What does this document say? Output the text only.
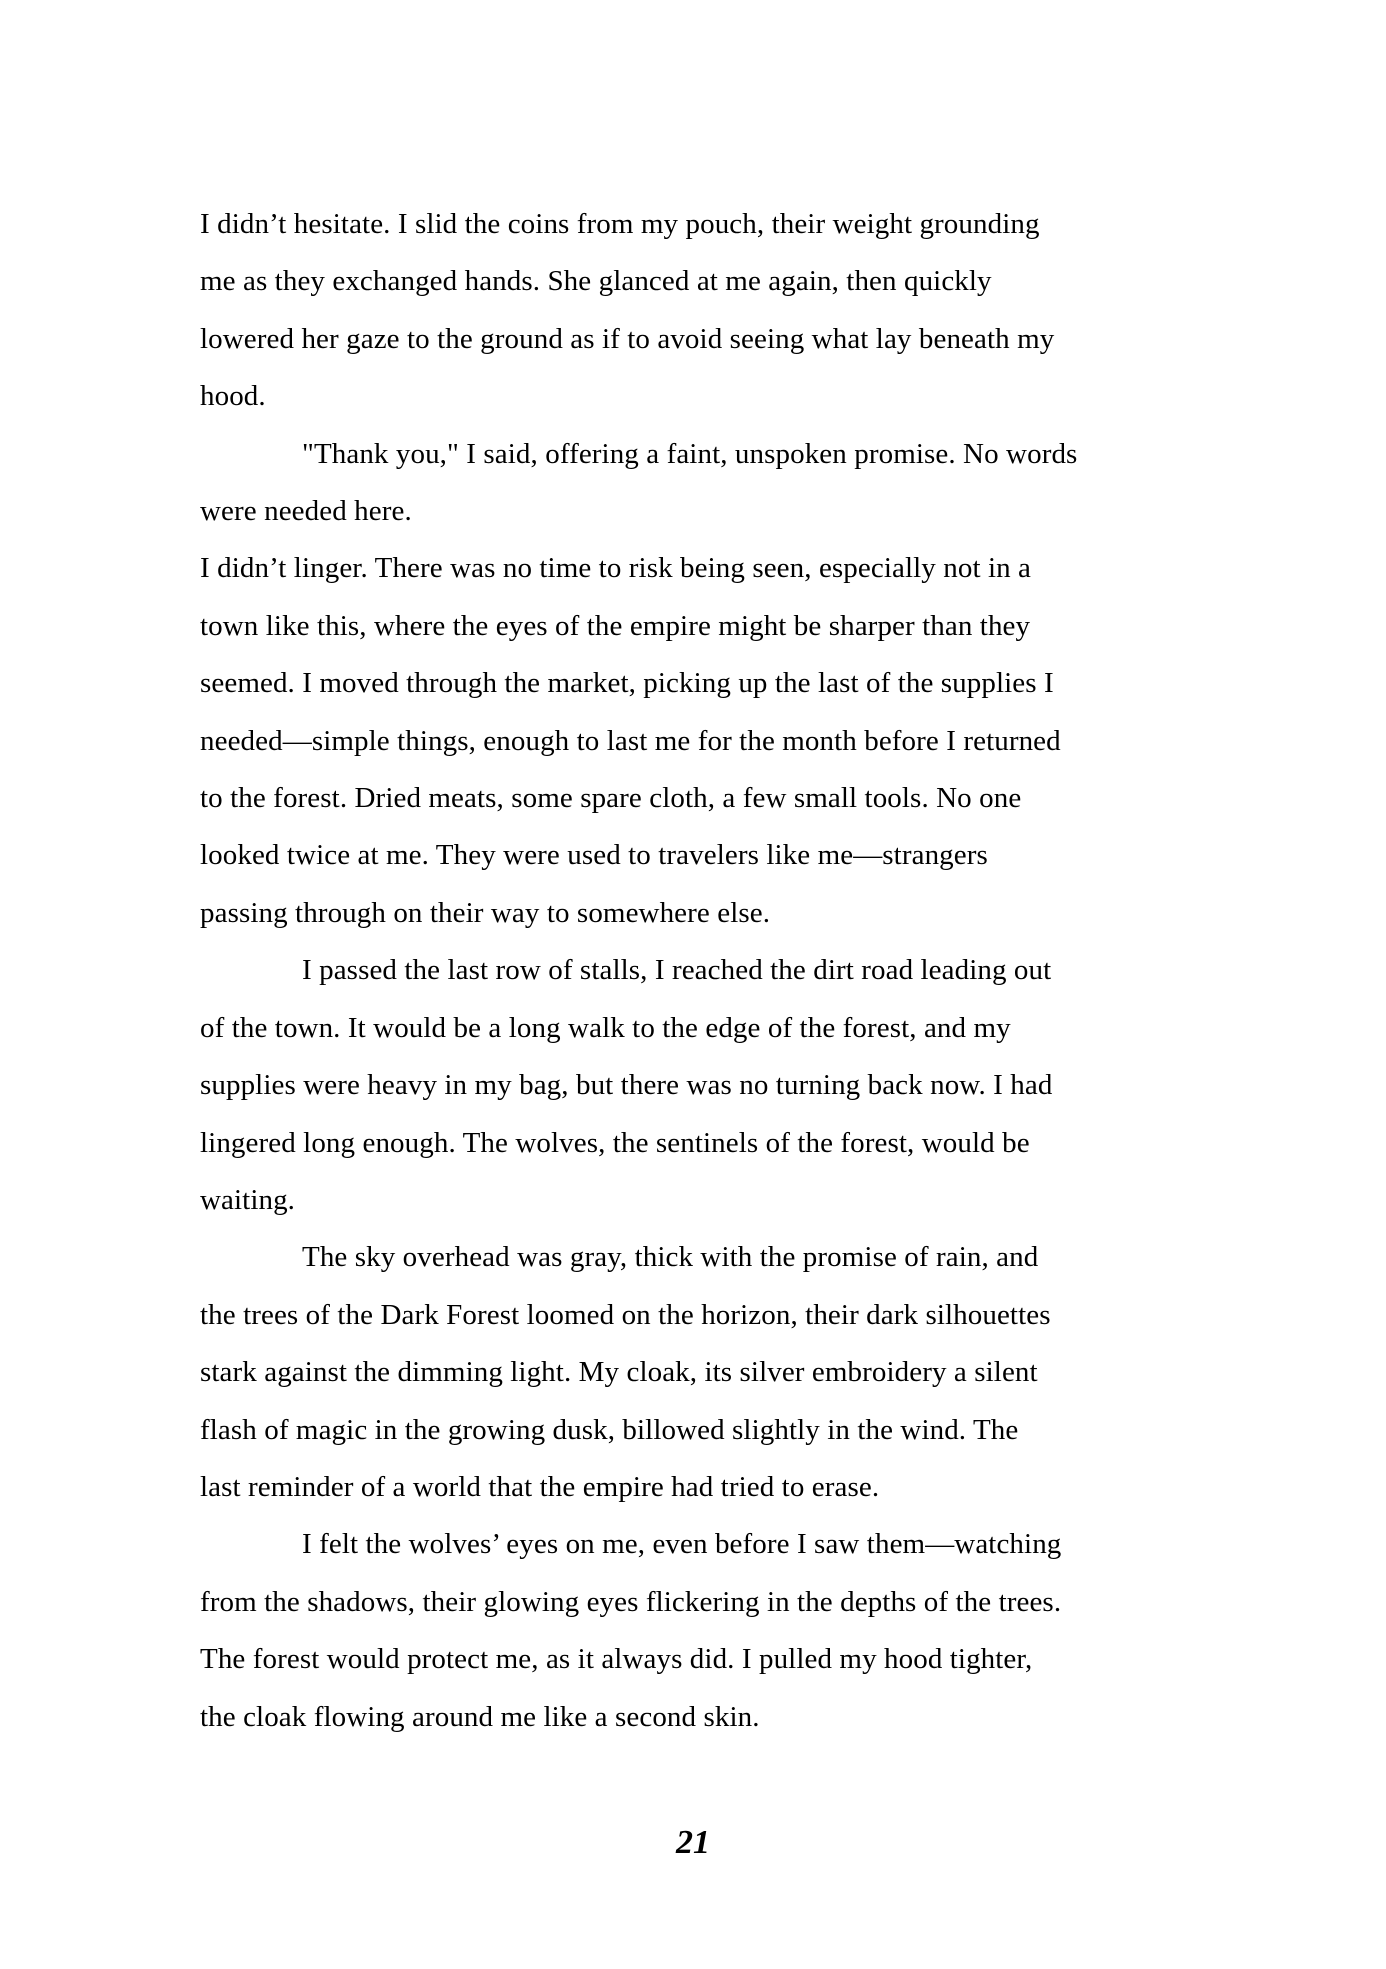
I didn’t hesitate. I slid the coins from my pouch, their weight grounding
me as they exchanged hands. She glanced at me again, then quickly
lowered her gaze to the ground as if to avoid seeing what lay beneath my
hood.
"Thank you," I said, offering a faint, unspoken promise. No words
were needed here.
I didn’t linger. There was no time to risk being seen, especially not in a
town like this, where the eyes of the empire might be sharper than they
seemed. I moved through the market, picking up the last of the supplies I
needed—simple things, enough to last me for the month before I returned
to the forest. Dried meats, some spare cloth, a few small tools. No one
looked twice at me. They were used to travelers like me—strangers
passing through on their way to somewhere else.
I passed the last row of stalls, I reached the dirt road leading out
of the town. It would be a long walk to the edge of the forest, and my
supplies were heavy in my bag, but there was no turning back now. I had
lingered long enough. The wolves, the sentinels of the forest, would be
waiting.
The sky overhead was gray, thick with the promise of rain, and
the trees of the Dark Forest loomed on the horizon, their dark silhouettes
stark against the dimming light. My cloak, its silver embroidery a silent
flash of magic in the growing dusk, billowed slightly in the wind. The
last reminder of a world that the empire had tried to erase.
I felt the wolves’ eyes on me, even before I saw them—watching
from the shadows, their glowing eyes flickering in the depths of the trees.
The forest would protect me, as it always did. I pulled my hood tighter,
the cloak flowing around me like a second skin.
21
